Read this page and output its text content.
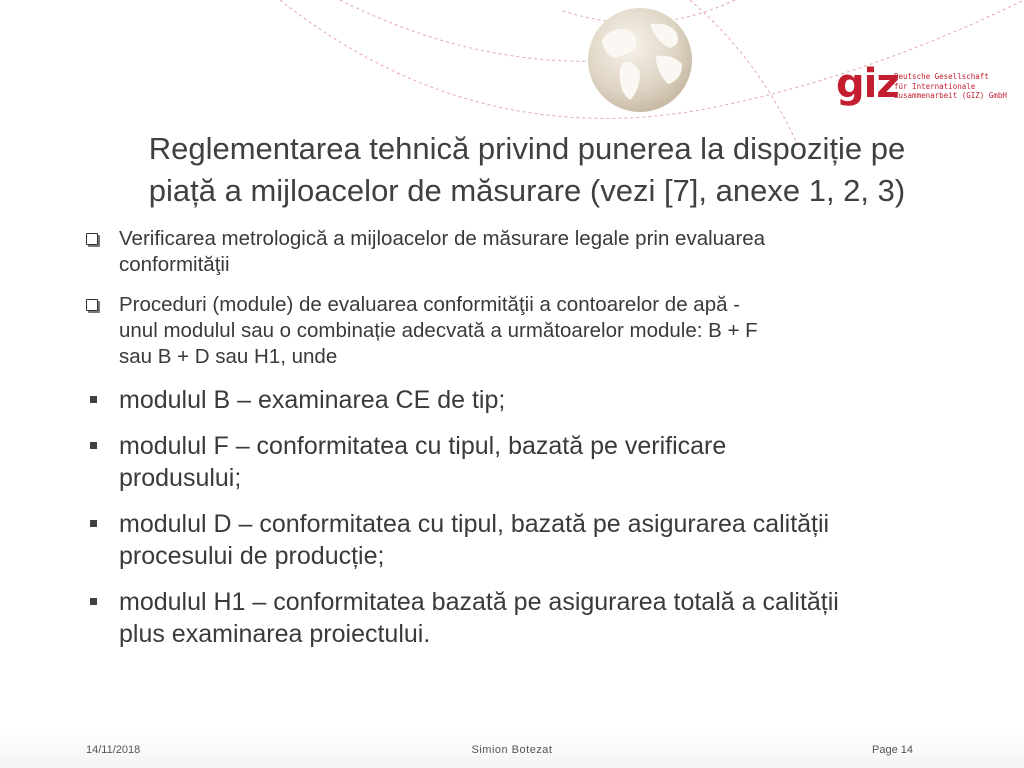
giz
Deutsche Gesellschaft
für Internationale
Zusammenarbeit (GIZ) GmbH
Reglementarea tehnică privind punerea la dispoziție pe
piață a mijloacelor de măsurare (vezi [7], anexe 1, 2, 3)
Verificarea metrologică a mijloacelor de măsurare legale prin evaluarea
conformităţii
Proceduri (module) de evaluarea conformităţii a contoarelor de apă -
unul modulul sau o combinație adecvată a următoarelor module: B + F
sau B + D sau H1, unde
modulul B – examinarea CE de tip;
modulul F – conformitatea cu tipul, bazată pe verificare
produsului;
modulul D – conformitatea cu tipul, bazată pe asigurarea calității
procesului de producție;
modulul H1 – conformitatea bazată pe asigurarea totală a calității
plus examinarea proiectului.
14/11/2018	Simion Botezat	Page 14
